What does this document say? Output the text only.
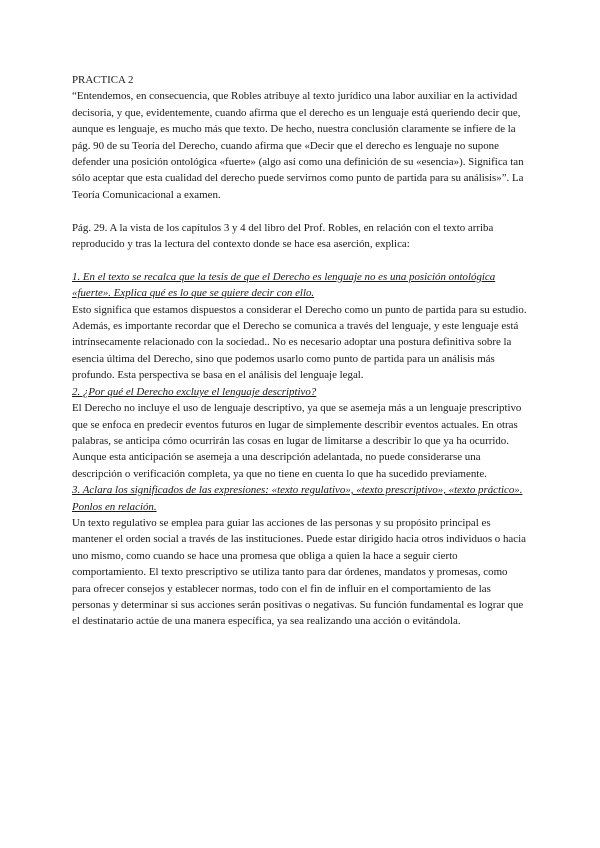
PRACTICA 2

“Entendemos, en consecuencia, que Robles atribuye al texto jurídico una labor auxiliar en la actividad decisoria, y que, evidentemente, cuando afirma que el derecho es un lenguaje está queriendo decir que, aunque es lenguaje, es mucho más que texto. De hecho, nuestra conclusión claramente se infiere de la pág. 90 de su Teoría del Derecho, cuando afirma que «Decir que el derecho es lenguaje no supone defender una posición ontológica «fuerte» (algo así como una definición de su «esencia»). Significa tan sólo aceptar que esta cualidad del derecho puede servirnos como punto de partida para su análisis»”. La Teoría Comunicacional a examen.

Pág. 29. A la vista de los capítulos 3 y 4 del libro del Prof. Robles, en relación con el texto arriba reproducido y tras la lectura del contexto donde se hace esa aserción, explica:

1. En el texto se recalca que la tesis de que el Derecho es lenguaje no es una posición ontológica «fuerte». Explica qué es lo que se quiere decir con ello.

Esto significa que estamos dispuestos a considerar el Derecho como un punto de partida para su estudio. Además, es importante recordar que el Derecho se comunica a través del lenguaje, y este lenguaje está intrínsecamente relacionado con la sociedad.. No es necesario adoptar una postura definitiva sobre la esencia última del Derecho, sino que podemos usarlo como punto de partida para un análisis más profundo. Esta perspectiva se basa en el análisis del lenguaje legal.

2. ¿Por qué el Derecho excluye el lenguaje descriptivo?

El Derecho no incluye el uso de lenguaje descriptivo, ya que se asemeja más a un lenguaje prescriptivo que se enfoca en predecir eventos futuros en lugar de simplemente describir eventos actuales. En otras palabras, se anticipa cómo ocurrirán las cosas en lugar de limitarse a describir lo que ya ha ocurrido. Aunque esta anticipación se asemeja a una descripción adelantada, no puede considerarse una descripción o verificación completa, ya que no tiene en cuenta lo que ha sucedido previamente.

3. Aclara los significados de las expresiones: «texto regulativo», «texto prescriptivo», «texto práctico». Ponlos en relación.

Un texto regulativo se emplea para guiar las acciones de las personas y su propósito principal es mantener el orden social a través de las instituciones. Puede estar dirigido hacia otros individuos o hacia uno mismo, como cuando se hace una promesa que obliga a quien la hace a seguir cierto comportamiento. El texto prescriptivo se utiliza tanto para dar órdenes, mandatos y promesas, como para ofrecer consejos y establecer normas, todo con el fin de influir en el comportamiento de las personas y determinar si sus acciones serán positivas o negativas. Su función fundamental es lograr que el destinatario actúe de una manera específica, ya sea realizando una acción o evitándola.
